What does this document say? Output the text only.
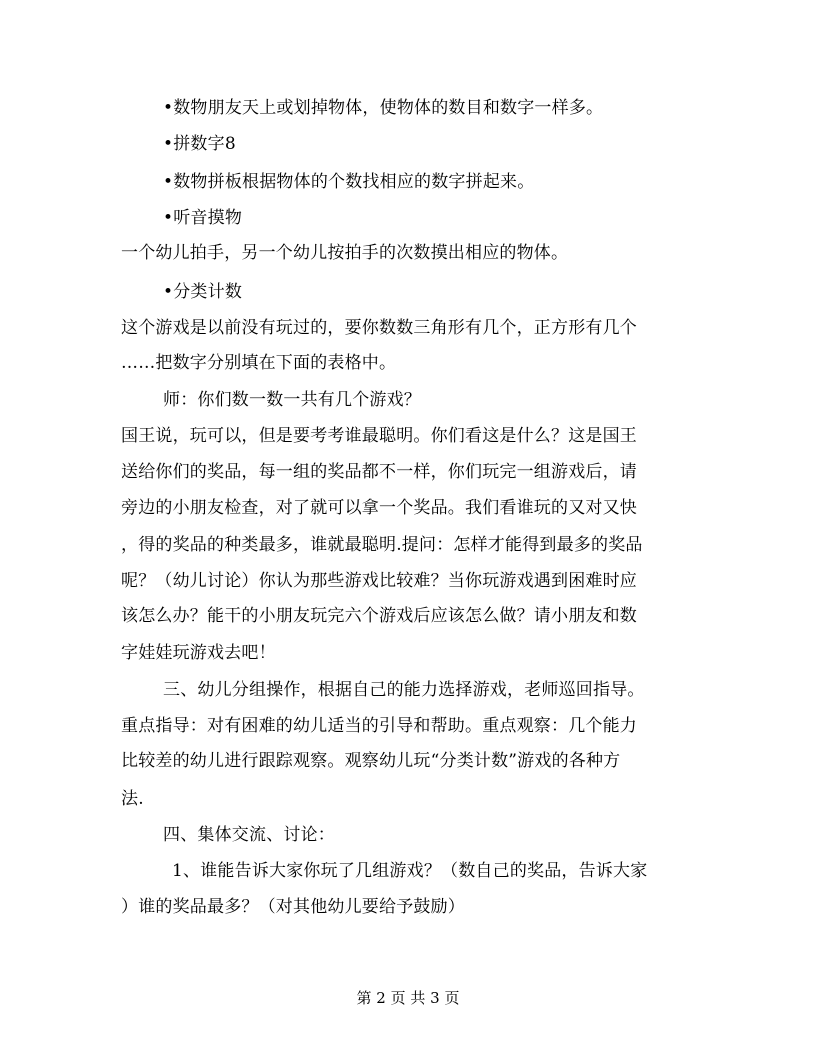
•数物朋友天上或划掉物体，使物体的数目和数字一样多。
•拼数字8
•数物拼板根据物体的个数找相应的数字拼起来。
•听音摸物
一个幼儿拍手，另一个幼儿按拍手的次数摸出相应的物体。
•分类计数
这个游戏是以前没有玩过的，要你数数三角形有几个，正方形有几个
……把数字分别填在下面的表格中。
师：你们数一数一共有几个游戏？
国王说，玩可以，但是要考考谁最聪明。你们看这是什么？这是国王
送给你们的奖品，每一组的奖品都不一样，你们玩完一组游戏后，请
旁边的小朋友检查，对了就可以拿一个奖品。我们看谁玩的又对又快
，得的奖品的种类最多，谁就最聪明.提问：怎样才能得到最多的奖品
呢？（幼儿讨论）你认为那些游戏比较难？当你玩游戏遇到困难时应
该怎么办？能干的小朋友玩完六个游戏后应该怎么做？请小朋友和数
字娃娃玩游戏去吧！
三、幼儿分组操作，根据自己的能力选择游戏，老师巡回指导。
重点指导：对有困难的幼儿适当的引导和帮助。重点观察：几个能力
比较差的幼儿进行跟踪观察。观察幼儿玩“分类计数”游戏的各种方
法.
四、集体交流、讨论：
1、谁能告诉大家你玩了几组游戏？（数自己的奖品，告诉大家
）谁的奖品最多？（对其他幼儿要给予鼓励）
第 2 页 共 3 页
